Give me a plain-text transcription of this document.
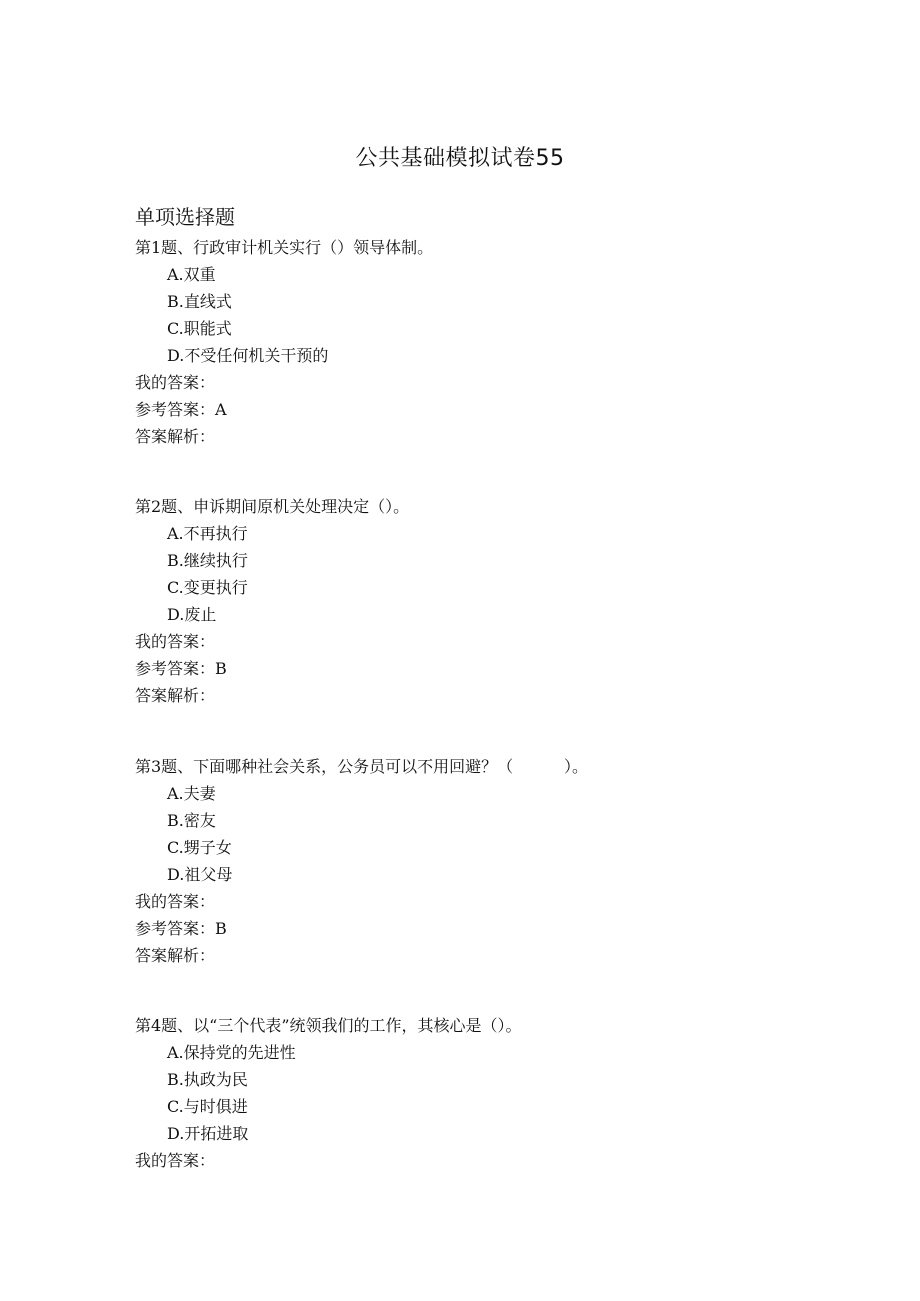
公共基础模拟试卷55
单项选择题
第1题、行政审计机关实行（）领导体制。
A.双重
B.直线式
C.职能式
D.不受任何机关干预的
我的答案：
参考答案：A
答案解析：
第2题、申诉期间原机关处理决定（）。
A.不再执行
B.继续执行
C.变更执行
D.废止
我的答案：
参考答案：B
答案解析：
第3题、下面哪种社会关系，公务员可以不用回避？（          ）。
A.夫妻
B.密友
C.甥子女
D.祖父母
我的答案：
参考答案：B
答案解析：
第4题、以“三个代表”统领我们的工作，其核心是（）。
A.保持党的先进性
B.执政为民
C.与时俱进
D.开拓进取
我的答案：
